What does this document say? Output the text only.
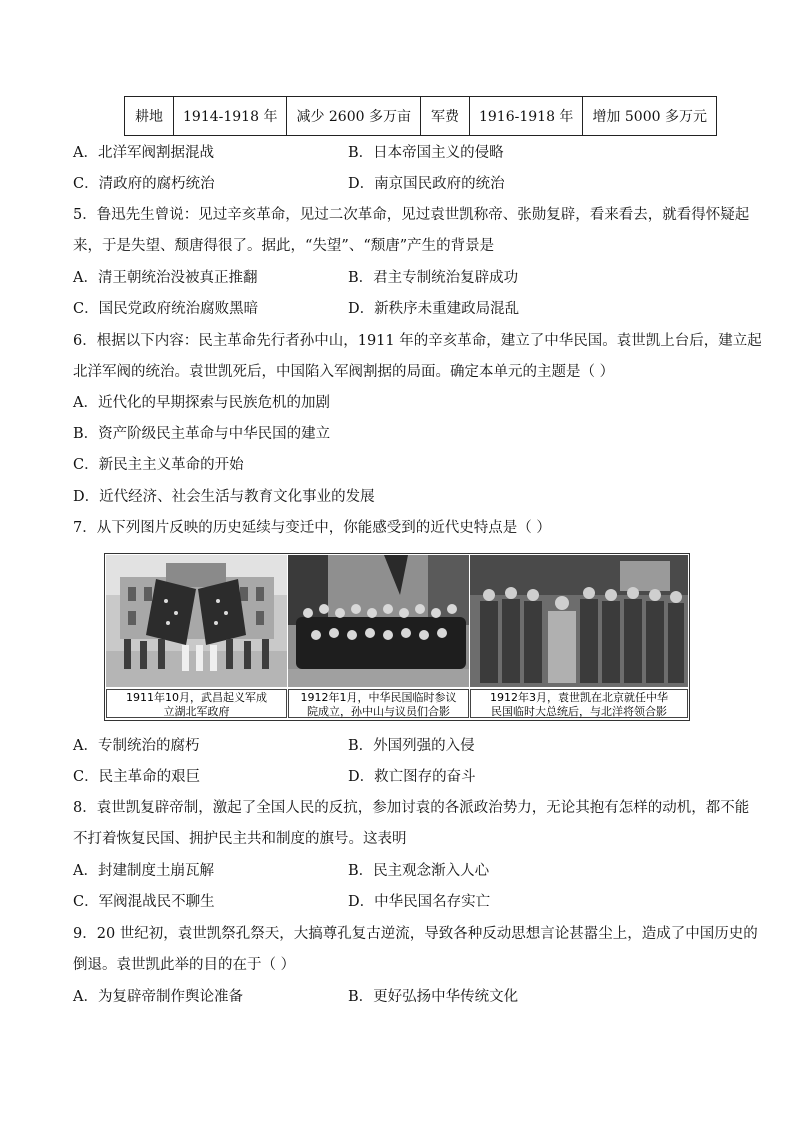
耕地	1914-1918 年	减少 2600 多万亩	军费	1916-1918 年	增加 5000 多万元
A．北洋军阀割据混战	B．日本帝国主义的侵略
C．清政府的腐朽统治	D．南京国民政府的统治
5．鲁迅先生曾说：见过辛亥革命，见过二次革命，见过袁世凯称帝、张勋复辟，看来看去，就看得怀疑起
来，于是失望、颓唐得很了。据此，“失望”、“颓唐”产生的背景是
A．清王朝统治没被真正推翻	B．君主专制统治复辟成功
C．国民党政府统治腐败黑暗	D．新秩序未重建政局混乱
6．根据以下内容：民主革命先行者孙中山，1911 年的辛亥革命，建立了中华民国。袁世凯上台后，建立起
北洋军阀的统治。袁世凯死后，中国陷入军阀割据的局面。确定本单元的主题是（ ）
A．近代化的早期探索与民族危机的加剧
B．资产阶级民主革命与中华民国的建立
C．新民主主义革命的开始
D．近代经济、社会生活与教育文化事业的发展
7．从下列图片反映的历史延续与变迁中，你能感受到的近代史特点是（ ）
1911年10月，武昌起义军成
立湖北军政府
1912年1月，中华民国临时参议
院成立，孙中山与议员们合影
1912年3月，袁世凯在北京就任中华
民国临时大总统后，与北洋将领合影
A．专制统治的腐朽	B．外国列强的入侵
C．民主革命的艰巨	D．救亡图存的奋斗
8．袁世凯复辟帝制，激起了全国人民的反抗，参加讨袁的各派政治势力，无论其抱有怎样的动机，都不能
不打着恢复民国、拥护民主共和制度的旗号。这表明
A．封建制度土崩瓦解	B．民主观念渐入人心
C．军阀混战民不聊生	D．中华民国名存实亡
9．20 世纪初，袁世凯祭孔祭天，大搞尊孔复古逆流，导致各种反动思想言论甚嚣尘上，造成了中国历史的
倒退。袁世凯此举的目的在于（ ）
A．为复辟帝制作舆论准备	B．更好弘扬中华传统文化
